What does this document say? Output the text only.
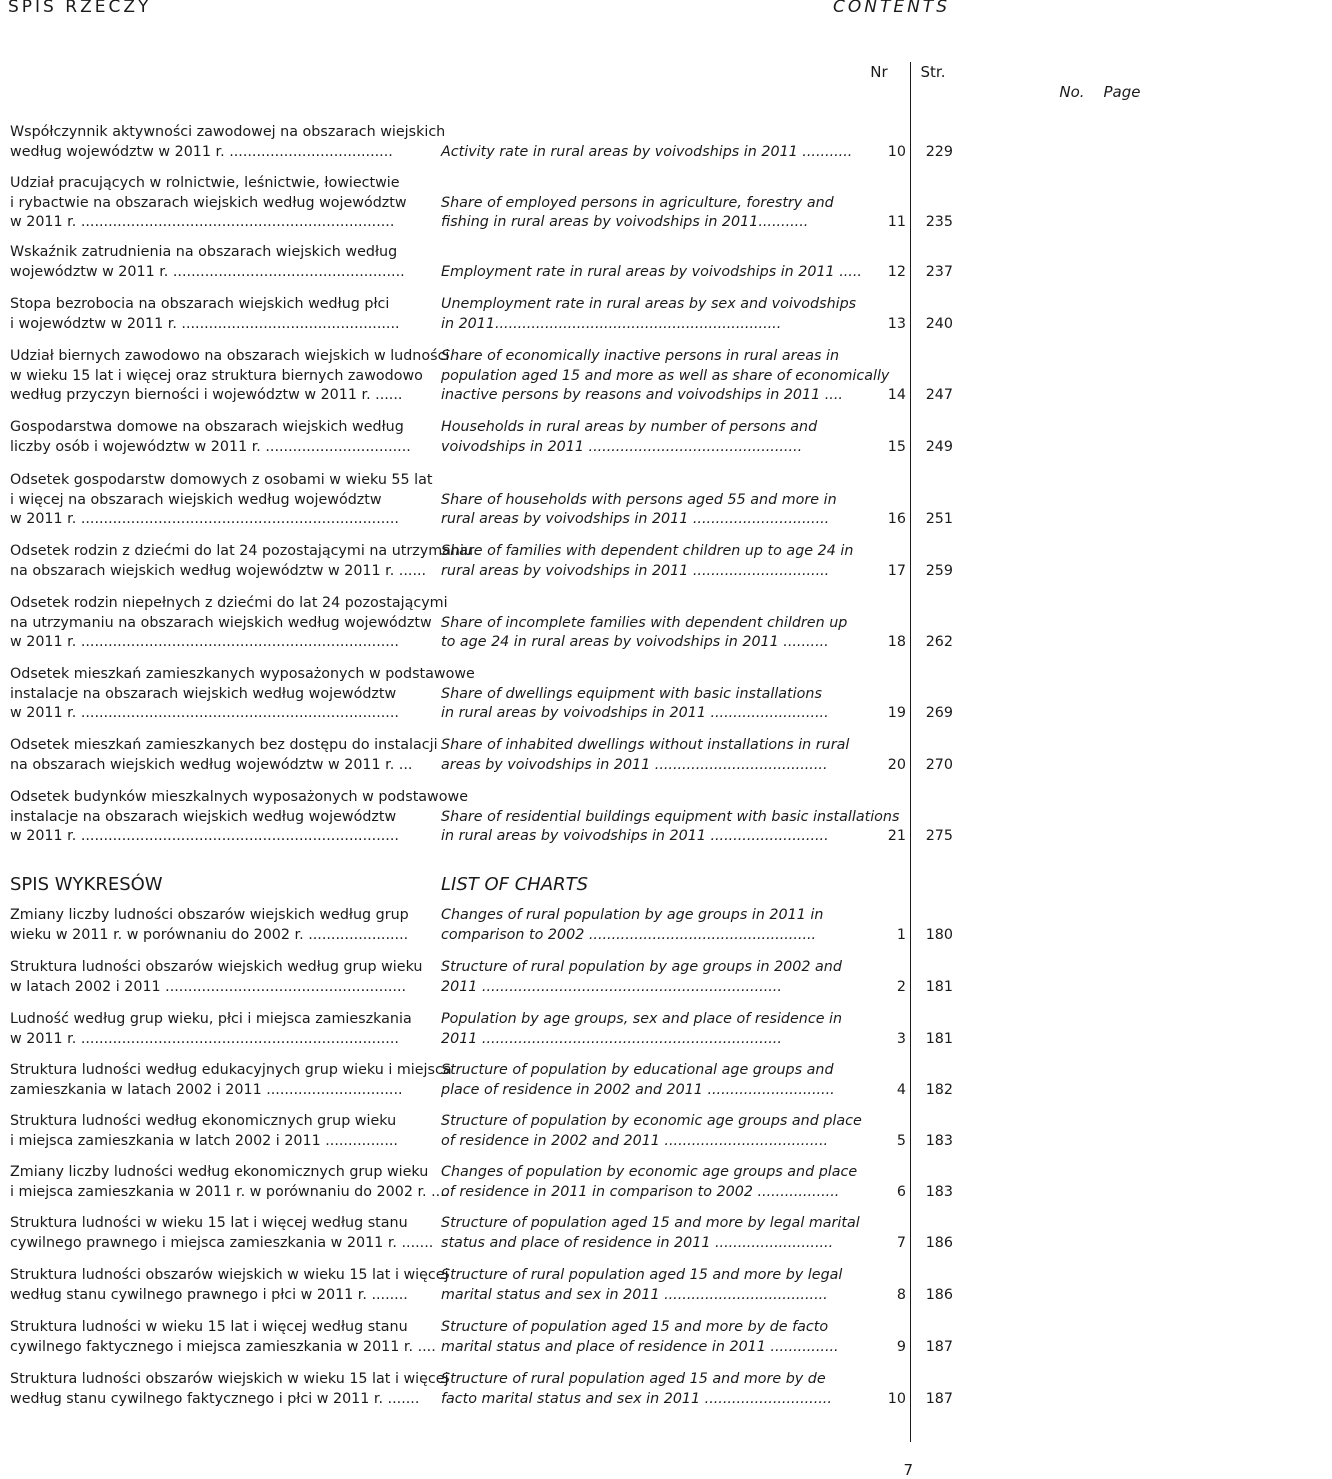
SPIS RZECZY	CONTENTS
Nr
No.
Str.
Page
Współczynnik aktywności zawodowej na obszarach wiejskich
według województw w 2011 r. ....................................	Activity rate in rural areas by voivodships in 2011 ...........	10	229
Udział pracujących w rolnictwie, leśnictwie, łowiectwie
i rybactwie na obszarach wiejskich według województw
w 2011 r. .....................................................................
Share of employed persons in agriculture, forestry and
fishing in rural areas by voivodships in 2011...........	11	235
Wskaźnik zatrudnienia na obszarach wiejskich według
województw w 2011 r. ...................................................	Employment rate in rural areas by voivodships in 2011 .....	12	237
Stopa bezrobocia na obszarach wiejskich według płci
i województw w 2011 r. ................................................
Unemployment rate in rural areas by sex and voivodships
in 2011...............................................................	13	240
Udział biernych zawodowo na obszarach wiejskich w ludności
w wieku 15 lat i więcej oraz struktura biernych zawodowo
według przyczyn bierności i województw w 2011 r. ......
Share of economically inactive persons in rural areas in
population aged 15 and more as well as share of economically
inactive persons by reasons and voivodships in 2011 ....	14	247
Gospodarstwa domowe na obszarach wiejskich według
liczby osób i województw w 2011 r. ................................
Households in rural areas by number of persons and
voivodships in 2011 ...............................................	15	249
Odsetek gospodarstw domowych z osobami w wieku 55 lat
i więcej na obszarach wiejskich według województw
w 2011 r. ......................................................................
Share of households with persons aged 55 and more in
rural areas by voivodships in 2011 ..............................	16	251
Odsetek rodzin z dziećmi do lat 24 pozostającymi na utrzymaniu
na obszarach wiejskich według województw w 2011 r. ......
Share of families with dependent children up to age 24 in
rural areas by voivodships in 2011 ..............................	17	259
Odsetek rodzin niepełnych z dziećmi do lat 24 pozostającymi
na utrzymaniu na obszarach wiejskich według województw
w 2011 r. ......................................................................
Share of incomplete families with dependent children up
to age 24 in rural areas by voivodships in 2011 ..........	18	262
Odsetek mieszkań zamieszkanych wyposażonych w podstawowe
instalacje na obszarach wiejskich według województw
w 2011 r. ......................................................................
Share of dwellings equipment with basic installations
in rural areas by voivodships in 2011 ..........................	19	269
Odsetek mieszkań zamieszkanych bez dostępu do instalacji
na obszarach wiejskich według województw w 2011 r. ...
Share of inhabited dwellings without installations in rural
areas by voivodships in 2011 ......................................	20	270
Odsetek budynków mieszkalnych wyposażonych w podstawowe
instalacje na obszarach wiejskich według województw
w 2011 r. ......................................................................
Share of residential buildings equipment with basic installations
in rural areas by voivodships in 2011 ..........................	21	275
SPIS WYKRESÓW	LIST OF CHARTS
Zmiany liczby ludności obszarów wiejskich według grup
wieku w 2011 r. w porównaniu do 2002 r. ......................
Changes of rural population by age groups in 2011 in
comparison to 2002 ..................................................	1	180
Struktura ludności obszarów wiejskich według grup wieku
w latach 2002 i 2011 .....................................................
Structure of rural population by age groups in 2002 and
2011 ..................................................................	2	181
Ludność według grup wieku, płci i miejsca zamieszkania
w 2011 r. ......................................................................
Population by age groups, sex and place of residence in
2011 ..................................................................	3	181
Struktura ludności według edukacyjnych grup wieku i miejsca
zamieszkania w latach 2002 i 2011 ..............................
Structure of population by educational age groups and
place of residence in 2002 and 2011 ............................	4	182
Struktura ludności według ekonomicznych grup wieku
i miejsca zamieszkania w latch 2002 i 2011 ................
Structure of population by economic age groups and place
of residence in 2002 and 2011 ....................................	5	183
Zmiany liczby ludności według ekonomicznych grup wieku
i miejsca zamieszkania w 2011 r. w porównaniu do 2002 r. ....
Changes of population by economic age groups and place
of residence in 2011 in comparison to 2002 ..................	6	183
Struktura ludności w wieku 15 lat i więcej według stanu
cywilnego prawnego i miejsca zamieszkania w 2011 r. .......
Structure of population aged 15 and more by legal marital
status and place of residence in 2011 ..........................	7	186
Struktura ludności obszarów wiejskich w wieku 15 lat i więcej
według stanu cywilnego prawnego i płci w 2011 r. ........
Structure of rural population aged 15 and more by legal
marital status and sex in 2011 ....................................	8	186
Struktura ludności w wieku 15 lat i więcej według stanu
cywilnego faktycznego i miejsca zamieszkania w 2011 r. ....
Structure of population aged 15 and more by de facto
marital status and place of residence in 2011 ...............	9	187
Struktura ludności obszarów wiejskich w wieku 15 lat i więcej
według stanu cywilnego faktycznego i płci w 2011 r. .......
Structure of rural population aged 15 and more by de
facto marital status and sex in 2011 ............................	10	187
7
